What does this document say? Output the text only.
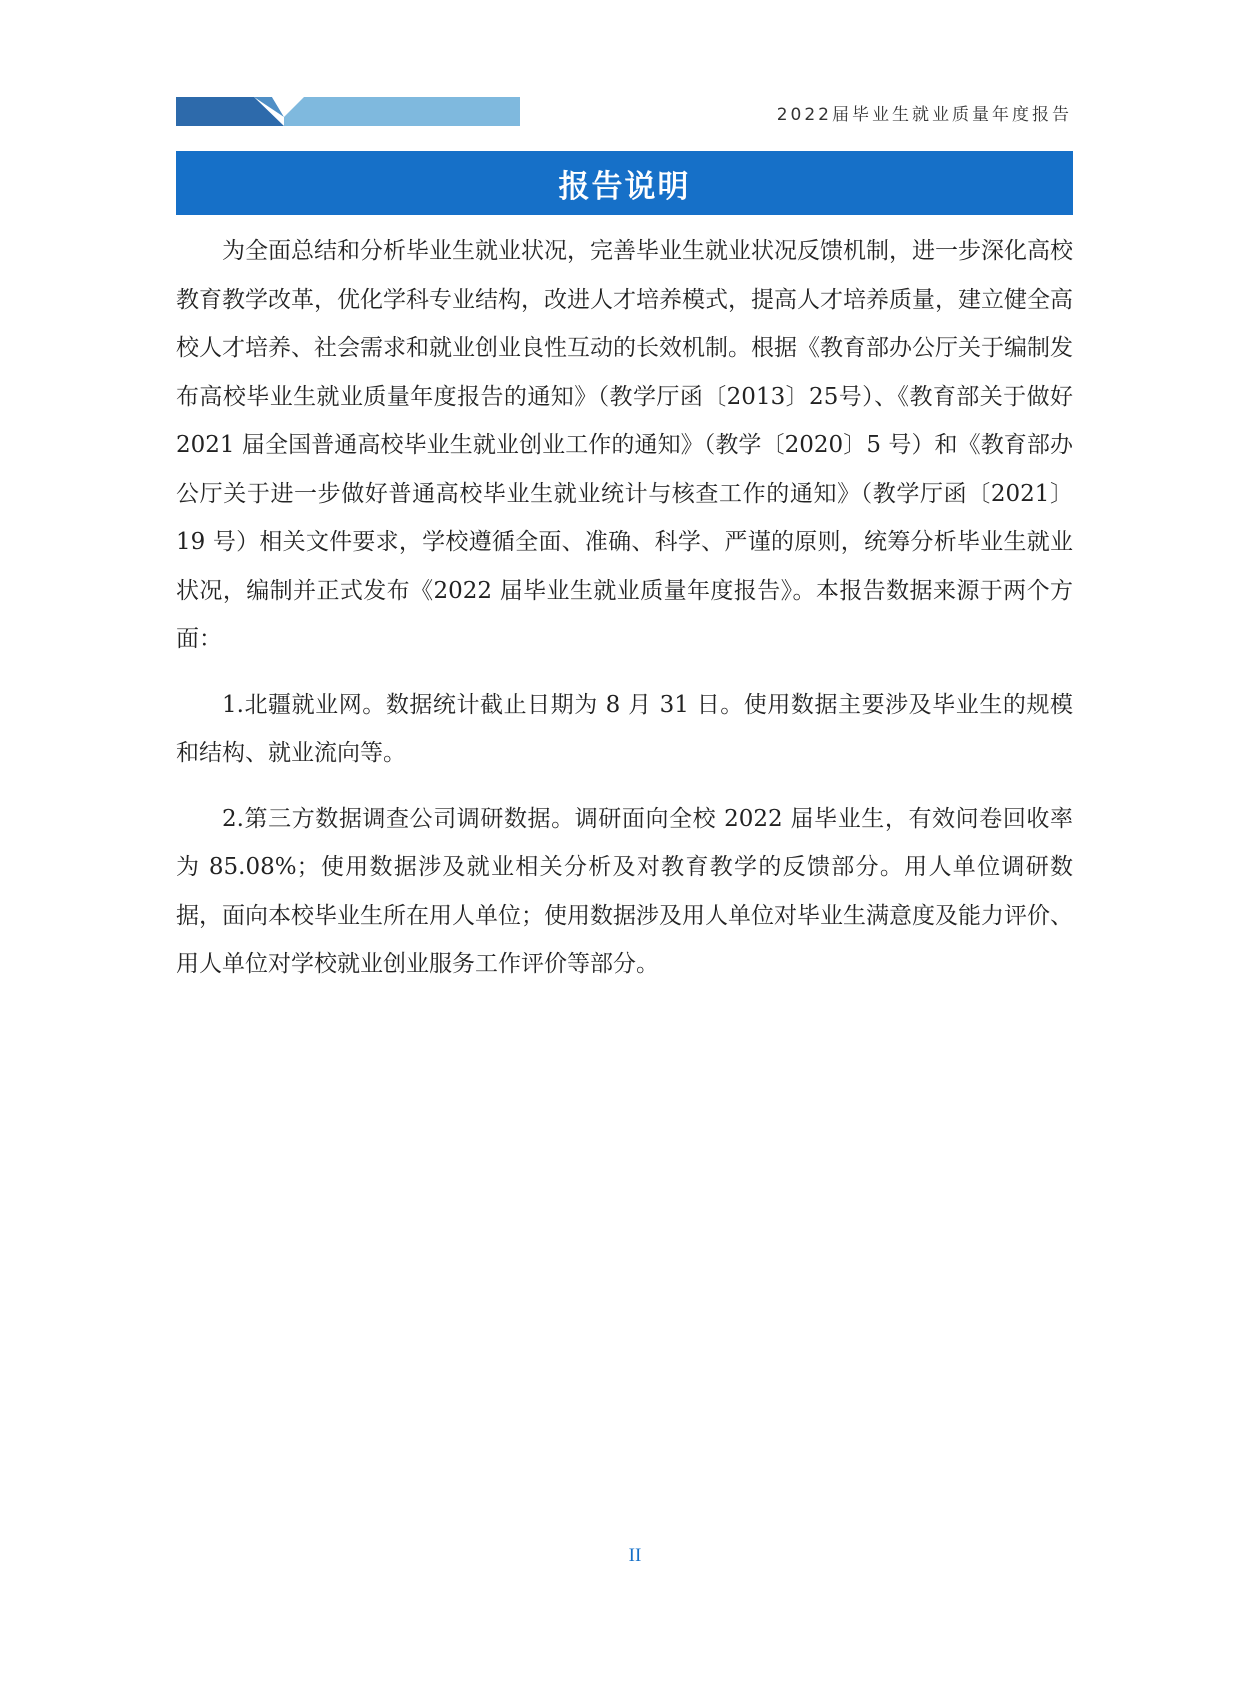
2022届毕业生就业质量年度报告
报告说明

为全面总结和分析毕业生就业状况，完善毕业生就业状况反馈机制，进一步深化高校教育教学改革，优化学科专业结构，改进人才培养模式，提高人才培养质量，建立健全高校人才培养、社会需求和就业创业良性互动的长效机制。根据《教育部办公厅关于编制发布高校毕业生就业质量年度报告的通知》（教学厅函〔2013〕25号）、《教育部关于做好 2021 届全国普通高校毕业生就业创业工作的通知》（教学〔2020〕5 号）和《教育部办公厅关于进一步做好普通高校毕业生就业统计与核查工作的通知》（教学厅函〔2021〕19 号）相关文件要求，学校遵循全面、准确、科学、严谨的原则，统筹分析毕业生就业状况，编制并正式发布《2022 届毕业生就业质量年度报告》。本报告数据来源于两个方面：

1.北疆就业网。数据统计截止日期为 8 月 31 日。使用数据主要涉及毕业生的规模和结构、就业流向等。

2.第三方数据调查公司调研数据。调研面向全校 2022 届毕业生，有效问卷回收率为 85.08%；使用数据涉及就业相关分析及对教育教学的反馈部分。用人单位调研数据，面向本校毕业生所在用人单位；使用数据涉及用人单位对毕业生满意度及能力评价、用人单位对学校就业创业服务工作评价等部分。

II
